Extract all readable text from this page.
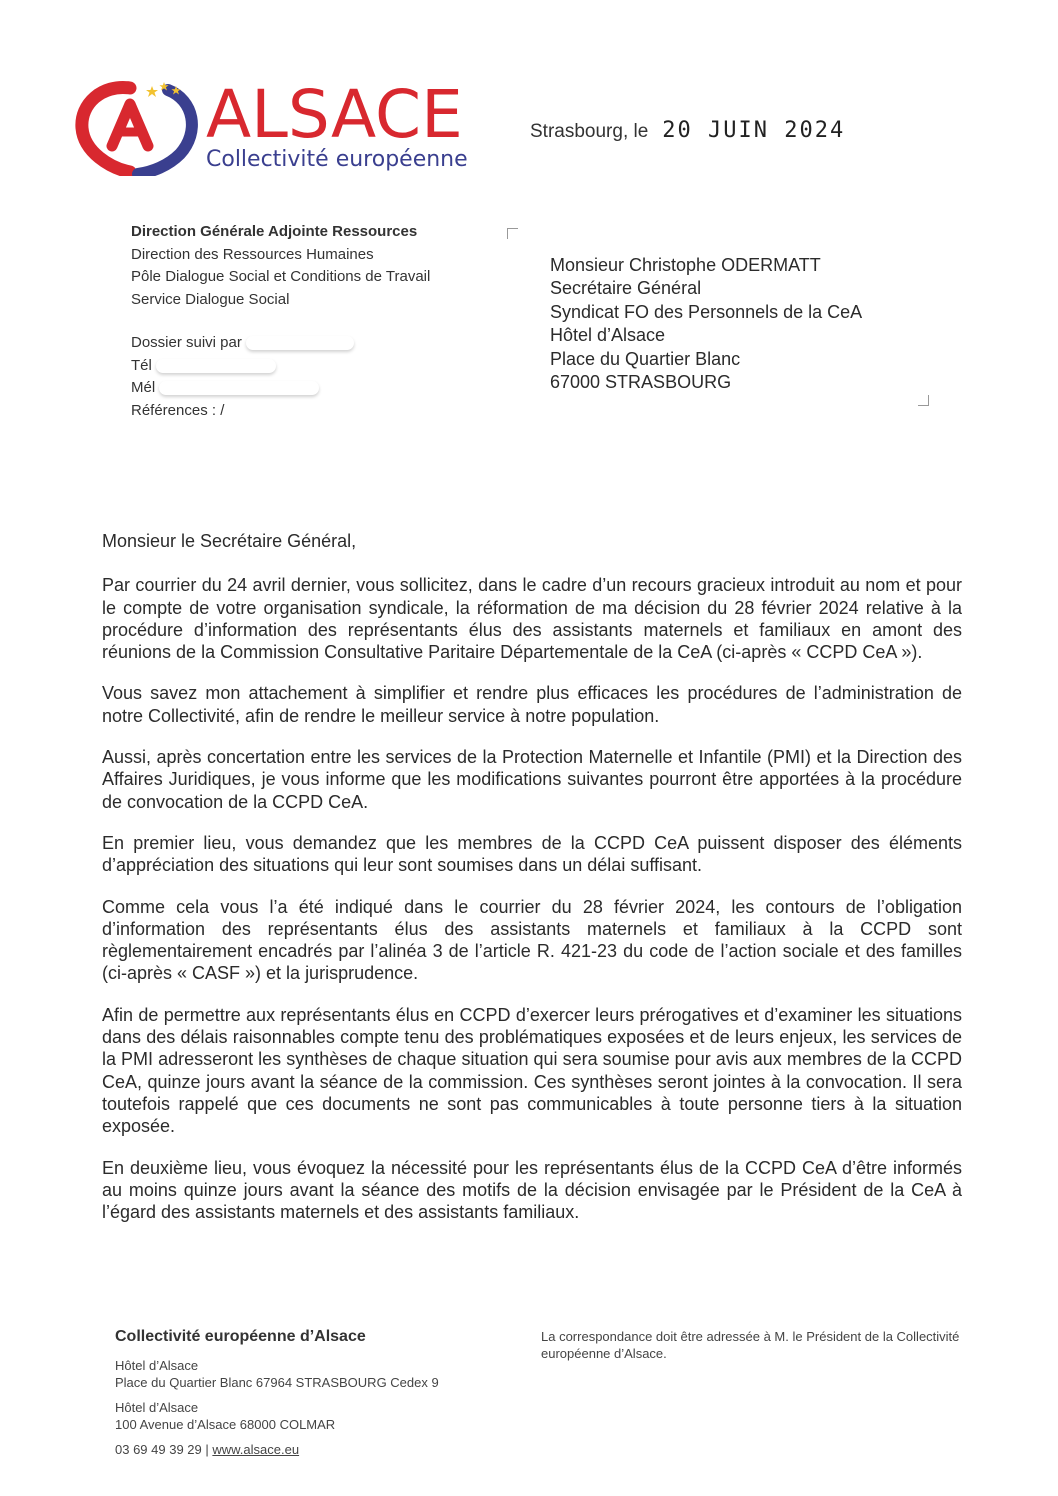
ALSACE
Collectivité européenne
Strasbourg, le 20 JUIN 2024
Direction Générale Adjointe Ressources
Direction des Ressources Humaines
Pôle Dialogue Social et Conditions de Travail
Service Dialogue Social
Dossier suivi par
Tél
Mél
Références : /
Monsieur Christophe ODERMATT
Secrétaire Général
Syndicat FO des Personnels de la CeA
Hôtel d’Alsace
Place du Quartier Blanc
67000 STRASBOURG

Monsieur le Secrétaire Général,

Par courrier du 24 avril dernier, vous sollicitez, dans le cadre d’un recours gracieux introduit au nom et pour le compte de votre organisation syndicale, la réformation de ma décision du 28 février 2024 relative à la procédure d’information des représentants élus des assistants maternels et familiaux en amont des réunions de la Commission Consultative Paritaire Départementale de la CeA (ci-après « CCPD CeA »).

Vous savez mon attachement à simplifier et rendre plus efficaces les procédures de l’administration de notre Collectivité, afin de rendre le meilleur service à notre population.

Aussi, après concertation entre les services de la Protection Maternelle et Infantile (PMI) et la Direction des Affaires Juridiques, je vous informe que les modifications suivantes pourront être apportées à la procédure de convocation de la CCPD CeA.

En premier lieu, vous demandez que les membres de la CCPD CeA puissent disposer des éléments d’appréciation des situations qui leur sont soumises dans un délai suffisant.

Comme cela vous l’a été indiqué dans le courrier du 28 février 2024, les contours de l’obligation d’information des représentants élus des assistants maternels et familiaux à la CCPD sont règlementairement encadrés par l’alinéa 3 de l’article R. 421-23 du code de l’action sociale et des familles (ci-après « CASF ») et la jurisprudence.

Afin de permettre aux représentants élus en CCPD d’exercer leurs prérogatives et d’examiner les situations dans des délais raisonnables compte tenu des problématiques exposées et de leurs enjeux, les services de la PMI adresseront les synthèses de chaque situation qui sera soumise pour avis aux membres de la CCPD CeA, quinze jours avant la séance de la commission. Ces synthèses seront jointes à la convocation. Il sera toutefois rappelé que ces documents ne sont pas communicables à toute personne tiers à la situation exposée.

En deuxième lieu, vous évoquez la nécessité pour les représentants élus de la CCPD CeA d’être informés au moins quinze jours avant la séance des motifs de la décision envisagée par le Président de la CeA à l’égard des assistants maternels et des assistants familiaux.

Collectivité européenne d’Alsace
Hôtel d’Alsace
Place du Quartier Blanc 67964 STRASBOURG Cedex 9
Hôtel d’Alsace
100 Avenue d’Alsace 68000 COLMAR
03 69 49 39 29 | www.alsace.eu
La correspondance doit être adressée à M. le Président de la Collectivité européenne d’Alsace.
